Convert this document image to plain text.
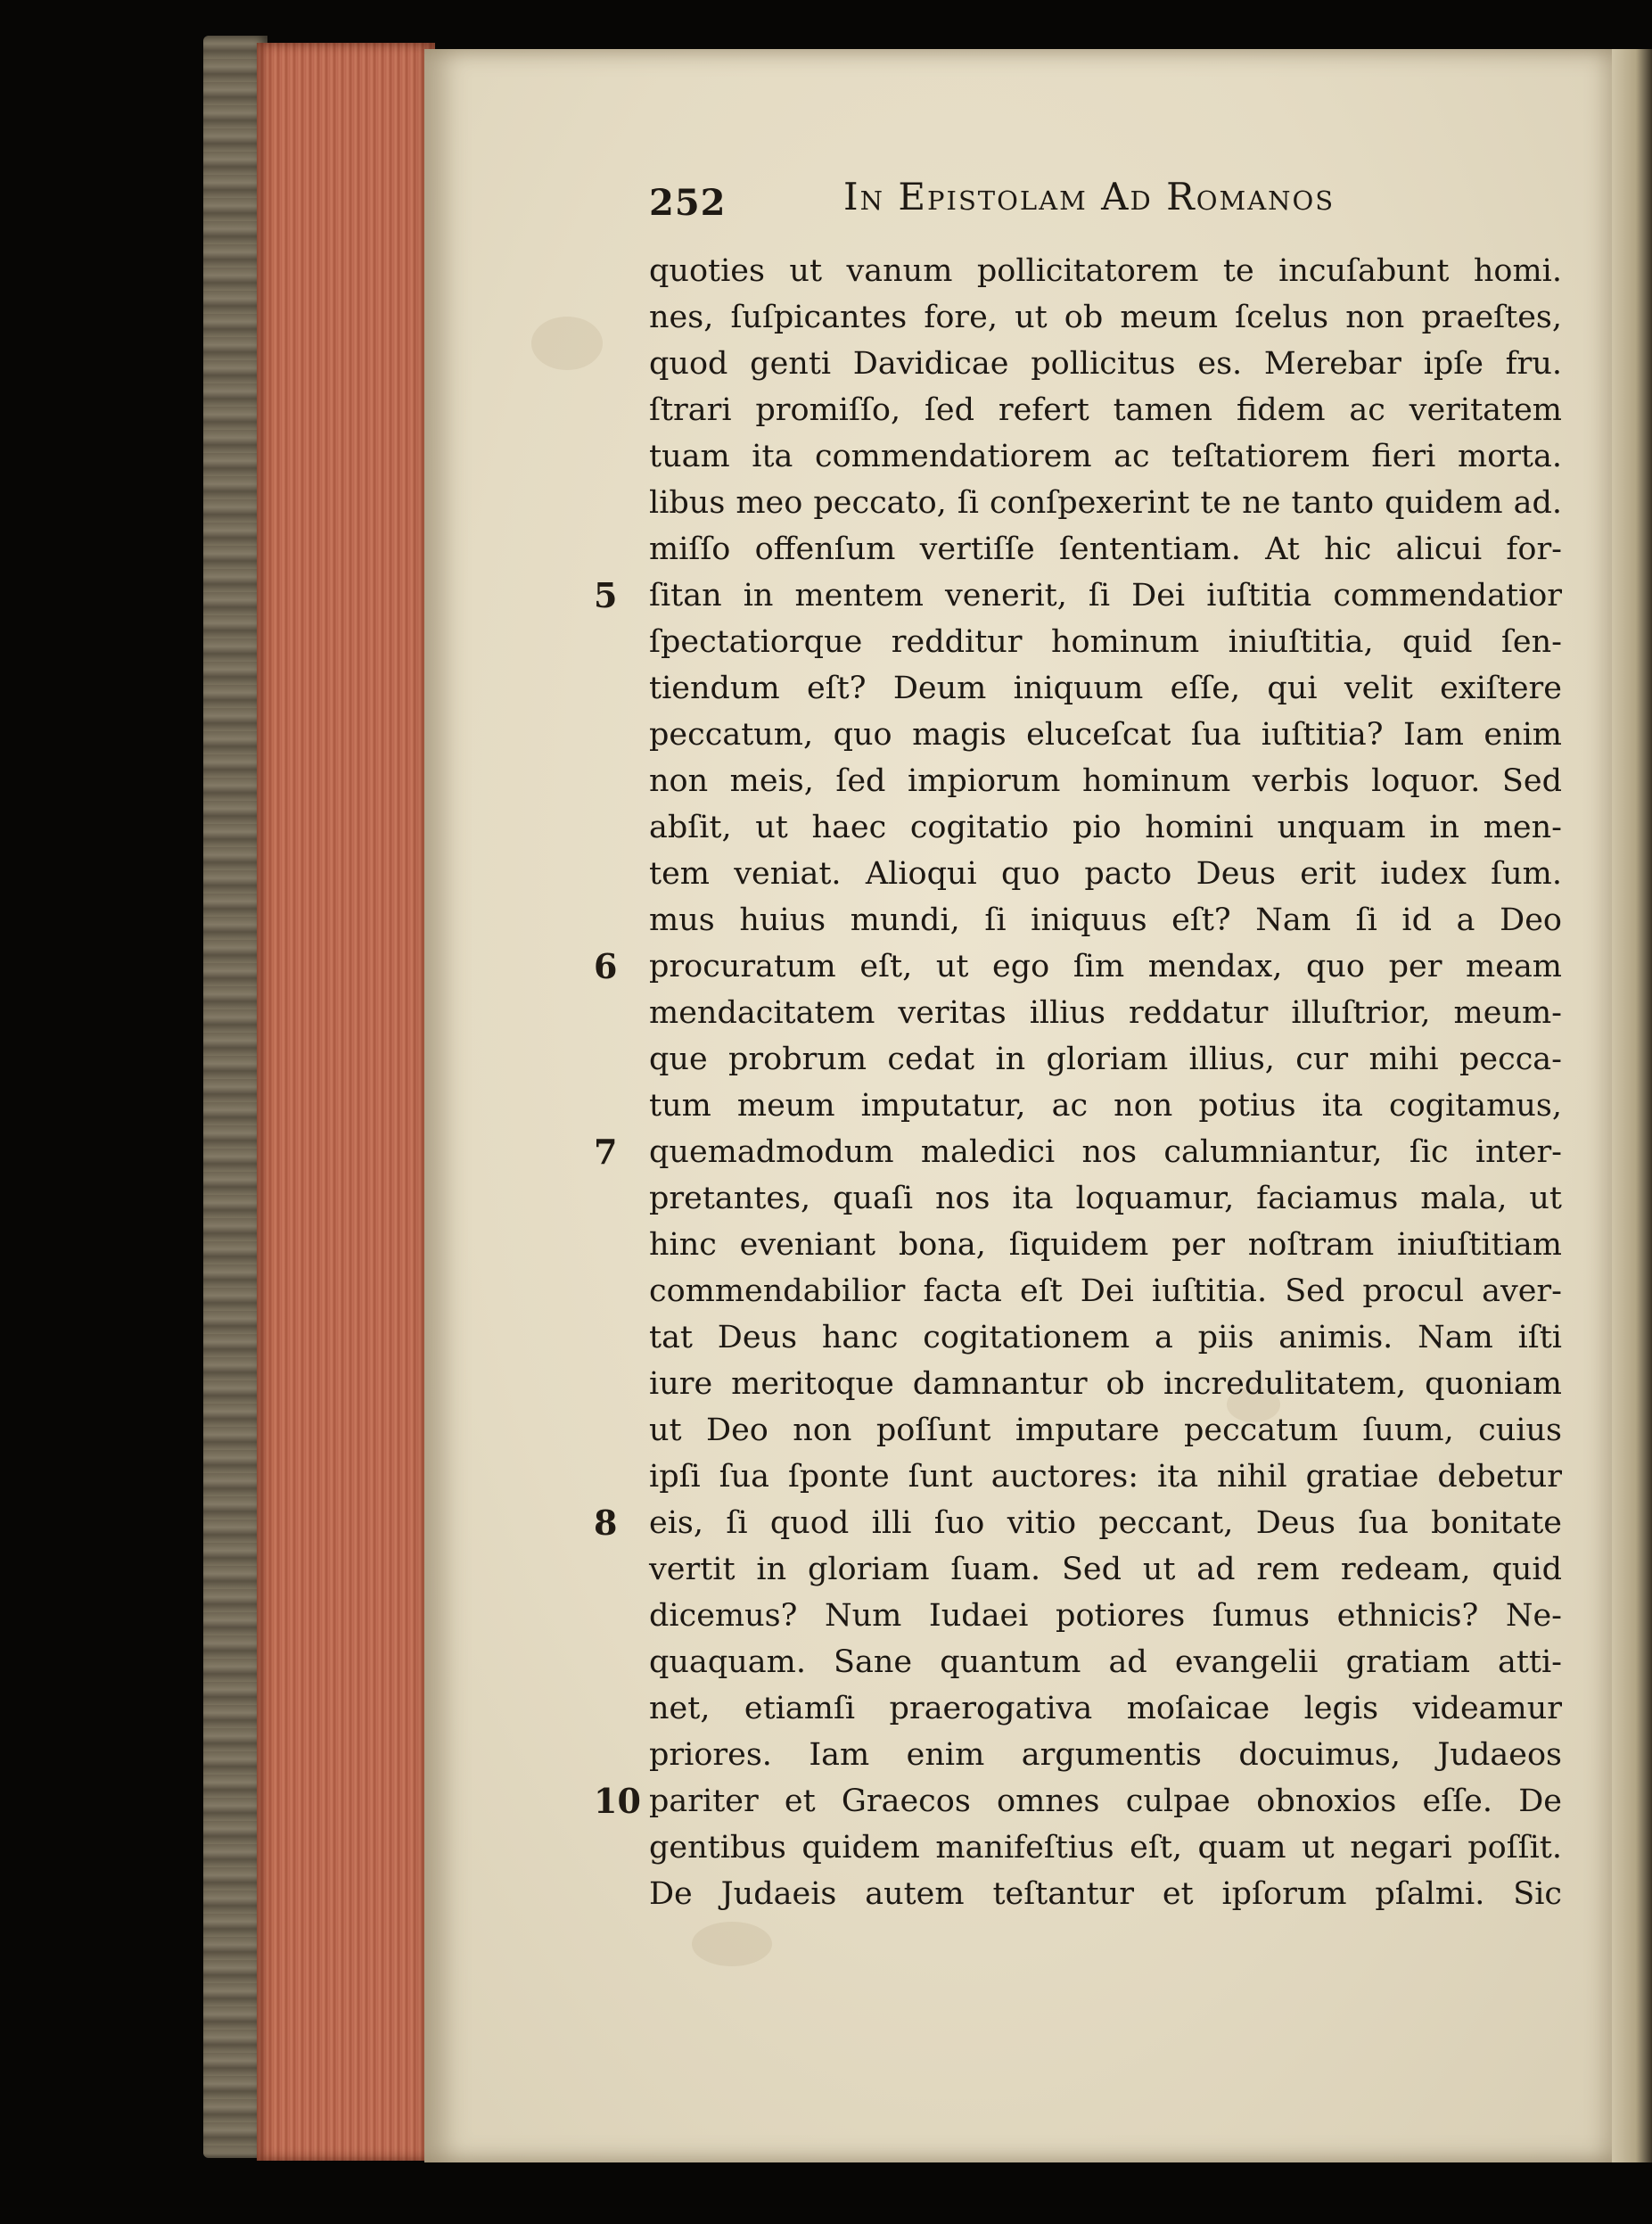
252	In Epistolam Ad Romanos
quoties ut vanum pollicitatorem te incuſabunt homi.
nes, ſuſpicantes fore, ut ob meum ſcelus non praeſtes,
quod genti Davidicae pollicitus es. Merebar ipſe fru.
ſtrari promiſſo, ſed refert tamen fidem ac veritatem
tuam ita commendatiorem ac teſtatiorem fieri morta.
libus meo peccato, ſi conſpexerint te ne tanto quidem ad.
miſſo offenſum vertiſſe ſententiam. At hic alicui for-
ſitan in mentem venerit, ſi Dei iuſtitia commendatior
5
ſpectatiorque redditur hominum iniuſtitia, quid ſen-
tiendum eſt? Deum iniquum eſſe, qui velit exiſtere
peccatum, quo magis eluceſcat ſua iuſtitia? Iam enim
non meis, ſed impiorum hominum verbis loquor. Sed
abſit, ut haec cogitatio pio homini unquam in men-
tem veniat. Alioqui quo pacto Deus erit iudex ſum.
mus huius mundi, ſi iniquus eſt? Nam ſi id a Deo
procuratum eſt, ut ego ſim mendax, quo per meam
6
mendacitatem veritas illius reddatur illuſtrior, meum-
que probrum cedat in gloriam illius, cur mihi pecca-
tum meum imputatur, ac non potius ita cogitamus,
quemadmodum maledici nos calumniantur, ſic inter-
7
pretantes, quaſi nos ita loquamur, faciamus mala, ut
hinc eveniant bona, ſiquidem per noſtram iniuſtitiam
commendabilior facta eſt Dei iuſtitia. Sed procul aver-
tat Deus hanc cogitationem a piis animis. Nam iſti
iure meritoque damnantur ob incredulitatem, quoniam
ut Deo non poſſunt imputare peccatum ſuum, cuius
ipſi ſua ſponte ſunt auctores: ita nihil gratiae debetur
eis, ſi quod illi ſuo vitio peccant, Deus ſua bonitate
8
vertit in gloriam ſuam. Sed ut ad rem redeam, quid
dicemus? Num Iudaei potiores ſumus ethnicis? Ne-
quaquam. Sane quantum ad evangelii gratiam atti-
net, etiamſi praerogativa moſaicae legis videamur
priores. Iam enim argumentis docuimus, Judaeos
pariter et Graecos omnes culpae obnoxios eſſe. De
10
gentibus quidem manifeſtius eſt, quam ut negari poſſit.
De Judaeis autem teſtantur et ipſorum pſalmi. Sic
